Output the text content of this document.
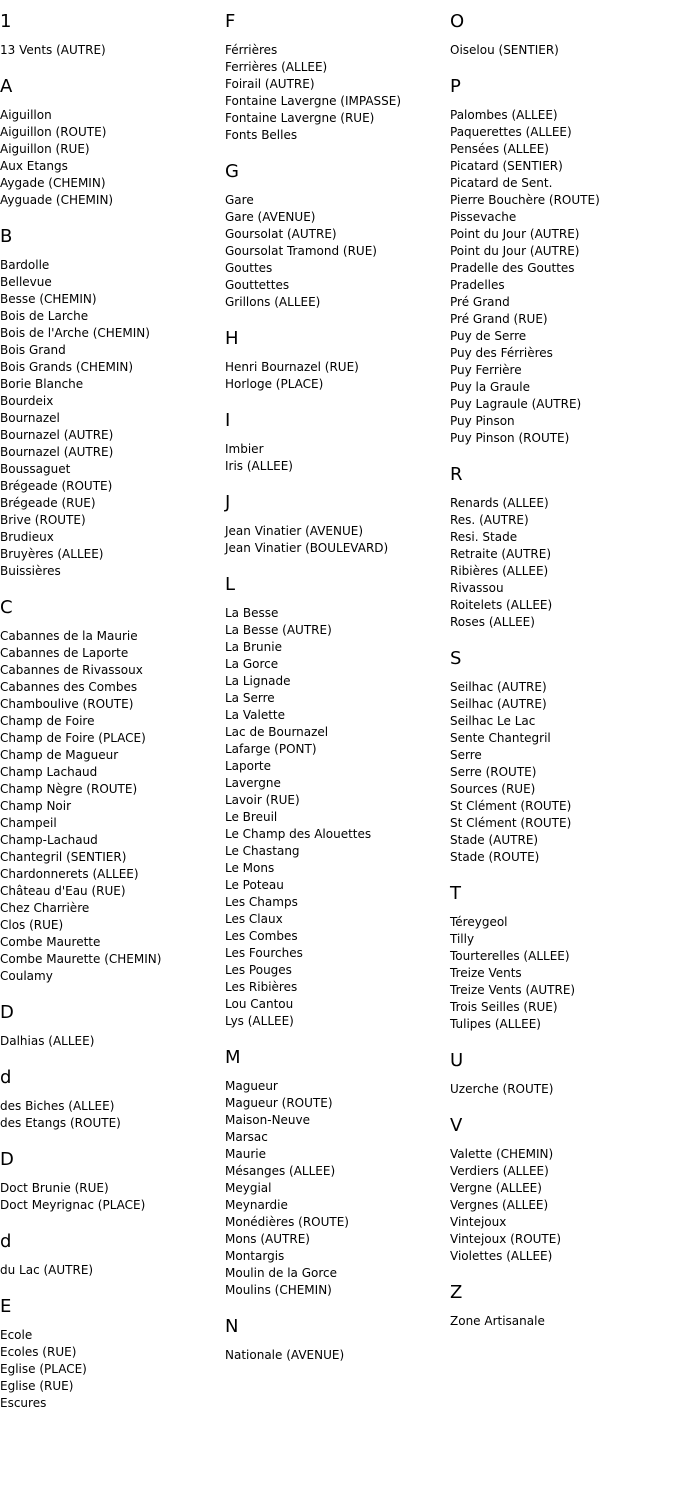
1
13 Vents (AUTRE)
A
Aiguillon
Aiguillon (ROUTE)
Aiguillon (RUE)
Aux Etangs
Aygade (CHEMIN)
Ayguade (CHEMIN)
B
Bardolle
Bellevue
Besse (CHEMIN)
Bois de Larche
Bois de l'Arche (CHEMIN)
Bois Grand
Bois Grands (CHEMIN)
Borie Blanche
Bourdeix
Bournazel
Bournazel (AUTRE)
Bournazel (AUTRE)
Boussaguet
Brégeade (ROUTE)
Brégeade (RUE)
Brive (ROUTE)
Brudieux
Bruyères (ALLEE)
Buissières
C
Cabannes de la Maurie
Cabannes de Laporte
Cabannes de Rivassoux
Cabannes des Combes
Chamboulive (ROUTE)
Champ de Foire
Champ de Foire (PLACE)
Champ de Magueur
Champ Lachaud
Champ Nègre (ROUTE)
Champ Noir
Champeil
Champ-Lachaud
Chantegril (SENTIER)
Chardonnerets (ALLEE)
Château d'Eau (RUE)
Chez Charrière
Clos (RUE)
Combe Maurette
Combe Maurette (CHEMIN)
Coulamy
D
Dalhias (ALLEE)
d
des Biches (ALLEE)
des Etangs (ROUTE)
D
Doct Brunie (RUE)
Doct Meyrignac (PLACE)
d
du Lac (AUTRE)
E
Ecole
Ecoles (RUE)
Eglise (PLACE)
Eglise (RUE)
Escures
F
Férrières
Ferrières (ALLEE)
Foirail (AUTRE)
Fontaine Lavergne (IMPASSE)
Fontaine Lavergne (RUE)
Fonts Belles
G
Gare
Gare (AVENUE)
Goursolat (AUTRE)
Goursolat Tramond (RUE)
Gouttes
Gouttettes
Grillons (ALLEE)
H
Henri Bournazel (RUE)
Horloge (PLACE)
I
Imbier
Iris (ALLEE)
J
Jean Vinatier (AVENUE)
Jean Vinatier (BOULEVARD)
L
La Besse
La Besse (AUTRE)
La Brunie
La Gorce
La Lignade
La Serre
La Valette
Lac de Bournazel
Lafarge (PONT)
Laporte
Lavergne
Lavoir (RUE)
Le Breuil
Le Champ des Alouettes
Le Chastang
Le Mons
Le Poteau
Les Champs
Les Claux
Les Combes
Les Fourches
Les Pouges
Les Ribières
Lou Cantou
Lys (ALLEE)
M
Magueur
Magueur (ROUTE)
Maison-Neuve
Marsac
Maurie
Mésanges (ALLEE)
Meygial
Meynardie
Monédières (ROUTE)
Mons (AUTRE)
Montargis
Moulin de la Gorce
Moulins (CHEMIN)
N
Nationale (AVENUE)
O
Oiselou (SENTIER)
P
Palombes (ALLEE)
Paquerettes (ALLEE)
Pensées (ALLEE)
Picatard (SENTIER)
Picatard de Sent.
Pierre Bouchère (ROUTE)
Pissevache
Point du Jour (AUTRE)
Point du Jour (AUTRE)
Pradelle des Gouttes
Pradelles
Pré Grand
Pré Grand (RUE)
Puy de Serre
Puy des Férrières
Puy Ferrière
Puy la Graule
Puy Lagraule (AUTRE)
Puy Pinson
Puy Pinson (ROUTE)
R
Renards (ALLEE)
Res. (AUTRE)
Resi. Stade
Retraite (AUTRE)
Ribières (ALLEE)
Rivassou
Roitelets (ALLEE)
Roses (ALLEE)
S
Seilhac (AUTRE)
Seilhac (AUTRE)
Seilhac Le Lac
Sente Chantegril
Serre
Serre (ROUTE)
Sources (RUE)
St Clément (ROUTE)
St Clément (ROUTE)
Stade (AUTRE)
Stade (ROUTE)
T
Téreygeol
Tilly
Tourterelles (ALLEE)
Treize Vents
Treize Vents (AUTRE)
Trois Seilles (RUE)
Tulipes (ALLEE)
U
Uzerche (ROUTE)
V
Valette (CHEMIN)
Verdiers (ALLEE)
Vergne (ALLEE)
Vergnes (ALLEE)
Vintejoux
Vintejoux (ROUTE)
Violettes (ALLEE)
Z
Zone Artisanale
